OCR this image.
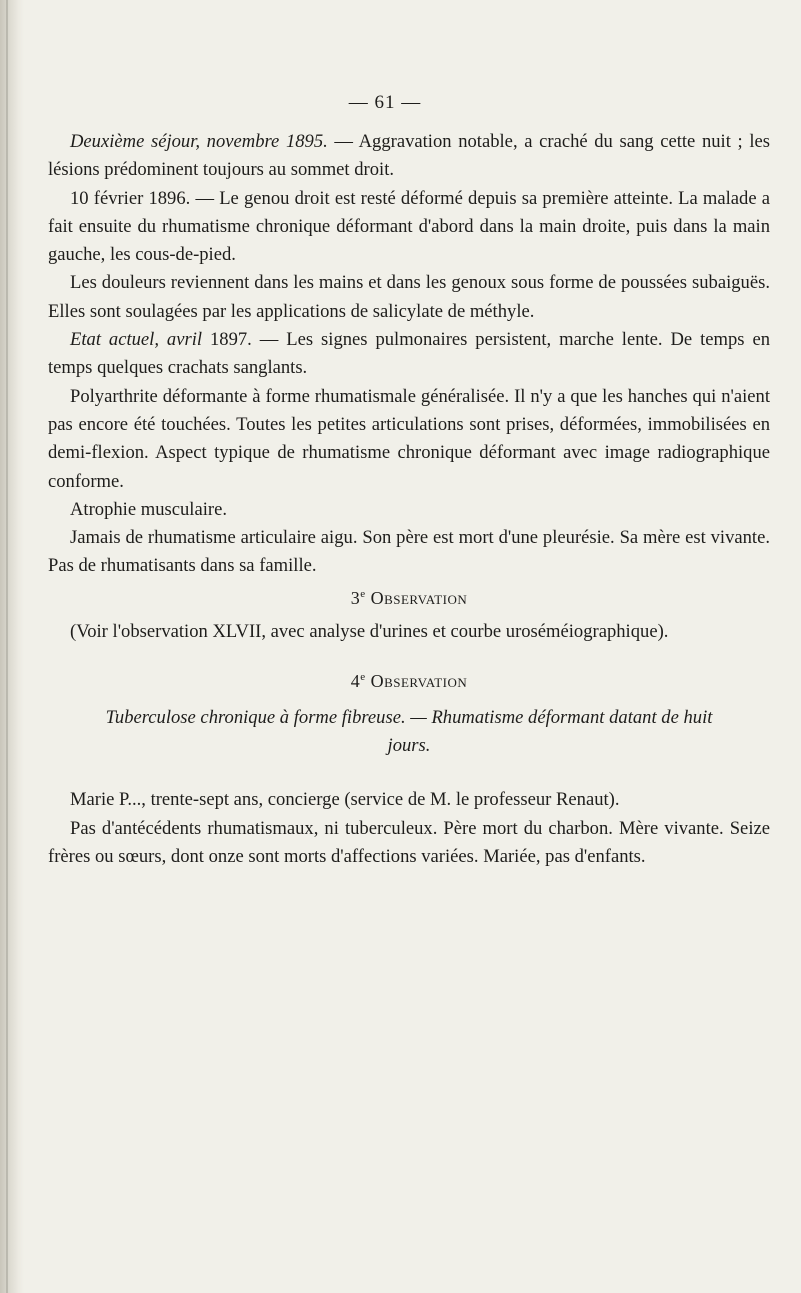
— 61 —

Deuxième séjour, novembre 1895. — Aggravation notable, a craché du sang cette nuit ; les lésions prédominent toujours au sommet droit.

10 février 1896. — Le genou droit est resté déformé depuis sa première atteinte. La malade a fait ensuite du rhumatisme chronique déformant d'abord dans la main droite, puis dans la main gauche, les cous-de-pied.

Les douleurs reviennent dans les mains et dans les genoux sous forme de poussées subaiguës. Elles sont soulagées par les applications de salicylate de méthyle.

Etat actuel, avril 1897. — Les signes pulmonaires persistent, marche lente. De temps en temps quelques crachats sanglants.

Polyarthrite déformante à forme rhumatismale généralisée. Il n'y a que les hanches qui n'aient pas encore été touchées. Toutes les petites articulations sont prises, déformées, immobilisées en demi-flexion. Aspect typique de rhumatisme chronique déformant avec image radiographique conforme.

Atrophie musculaire.

Jamais de rhumatisme articulaire aigu. Son père est mort d'une pleurésie. Sa mère est vivante. Pas de rhumatisants dans sa famille.

3e Observation

(Voir l'observation XLVII, avec analyse d'urines et courbe uroséméiographique).

4e Observation
Tuberculose chronique à forme fibreuse. — Rhumatisme déformant datant de huit jours.

Marie P..., trente-sept ans, concierge (service de M. le professeur Renaut).

Pas d'antécédents rhumatismaux, ni tuberculeux. Père mort du charbon. Mère vivante. Seize frères ou sœurs, dont onze sont morts d'affections variées. Mariée, pas d'enfants.
